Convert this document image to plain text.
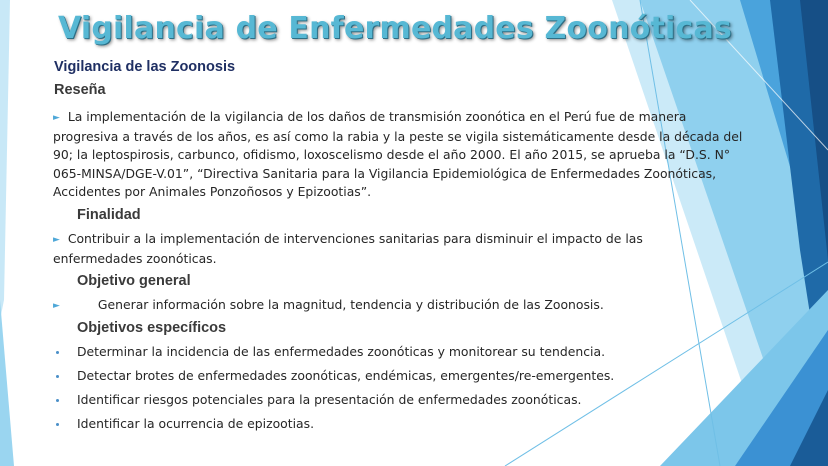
Vigilancia de Enfermedades Zoonóticas
Vigilancia de las Zoonosis
Reseña
► La implementación de la vigilancia de los daños de transmisión zoonótica en el Perú fue de manera progresiva a través de los años, es así como la rabia y la peste se vigila sistemáticamente desde la década del 90; la leptospirosis, carbunco, ofidismo, loxoscelismo desde el año 2000. El año 2015, se aprueba la “D.S. N° 065-MINSA/DGE-V.01”, “Directiva Sanitaria para la Vigilancia Epidemiológica de Enfermedades Zoonóticas, Accidentes por Animales Ponzoñosos y Epizootias”.
Finalidad
► Contribuir a la implementación de intervenciones sanitarias para disminuir el impacto de las enfermedades zoonóticas.
Objetivo general
►	Generar información sobre la magnitud, tendencia y distribución de las Zoonosis.
Objetivos específicos
Determinar la incidencia de las enfermedades zoonóticas y monitorear su tendencia.
Detectar brotes de enfermedades zoonóticas, endémicas, emergentes/re-emergentes.
Identificar riesgos potenciales para la presentación de enfermedades zoonóticas.
Identificar la ocurrencia de epizootias.
